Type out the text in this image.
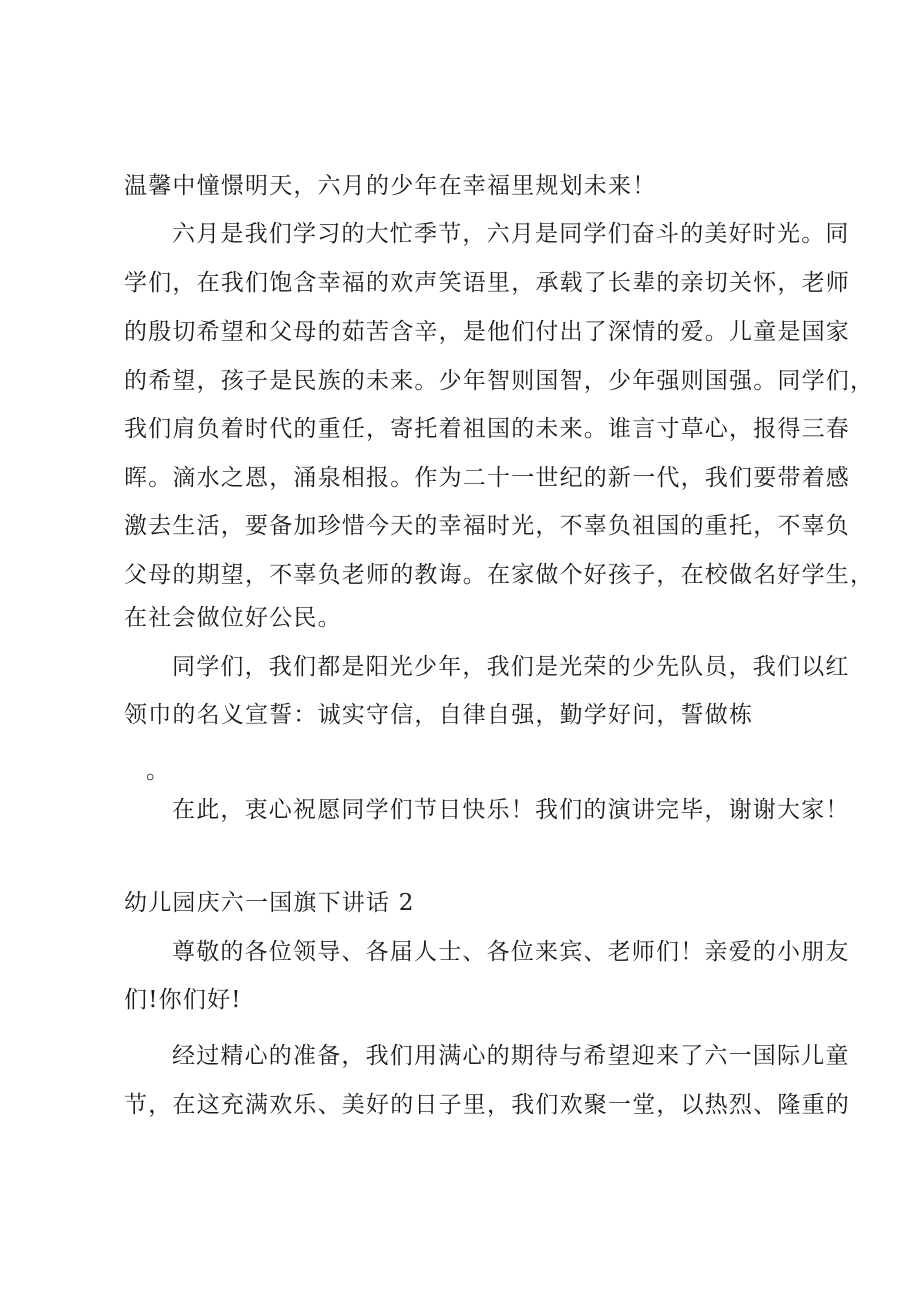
温馨中憧憬明天，六月的少年在幸福里规划未来！
六月是我们学习的大忙季节，六月是同学们奋斗的美好时光。同
学们，在我们饱含幸福的欢声笑语里，承载了长辈的亲切关怀，老师
的殷切希望和父母的茹苦含辛，是他们付出了深情的爱。儿童是国家
的希望，孩子是民族的未来。少年智则国智，少年强则国强。同学们，
我们肩负着时代的重任，寄托着祖国的未来。谁言寸草心，报得三春
晖。滴水之恩，涌泉相报。作为二十一世纪的新一代，我们要带着感
激去生活，要备加珍惜今天的幸福时光，不辜负祖国的重托，不辜负
父母的期望，不辜负老师的教诲。在家做个好孩子，在校做名好学生，
在社会做位好公民。
同学们，我们都是阳光少年，我们是光荣的少先队员，我们以红
领巾的名义宣誓：诚实守信，自律自强，勤学好问，誓做栋
。
在此，衷心祝愿同学们节日快乐！我们的演讲完毕，谢谢大家！
幼儿园庆六一国旗下讲话 2
尊敬的各位领导、各届人士、各位来宾、老师们！亲爱的小朋友
们!你们好!
经过精心的准备，我们用满心的期待与希望迎来了六一国际儿童
节，在这充满欢乐、美好的日子里，我们欢聚一堂，以热烈、隆重的
